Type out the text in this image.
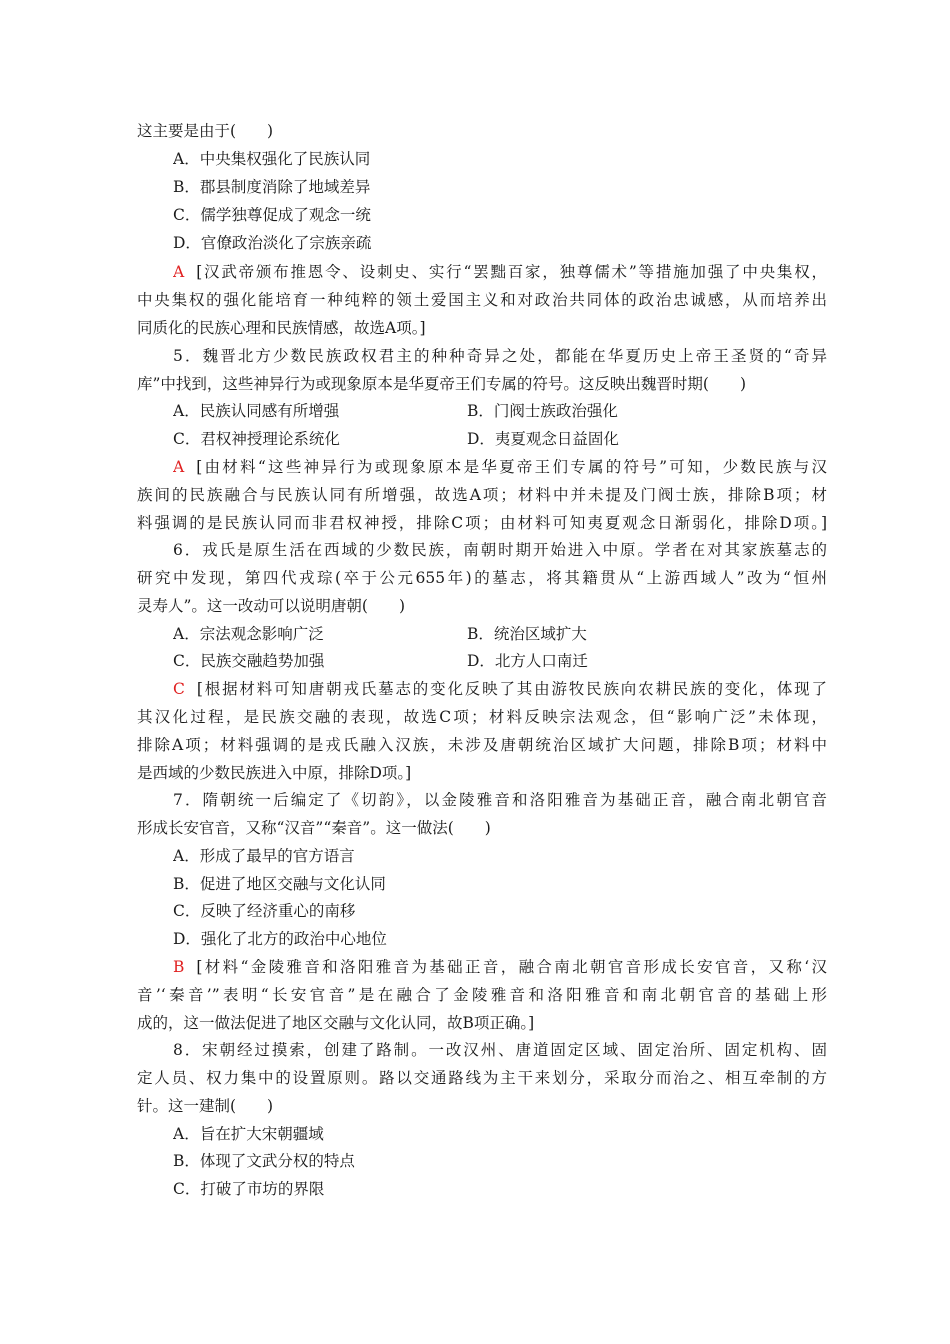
这主要是由于(　　)
A．中央集权强化了民族认同
B．郡县制度消除了地域差异
C．儒学独尊促成了观念一统
D．官僚政治淡化了宗族亲疏
A [汉武帝颁布推恩令、设刺史、实行“罢黜百家，独尊儒术”等措施加强了中央集权，
中央集权的强化能培育一种纯粹的领土爱国主义和对政治共同体的政治忠诚感，从而培养出
同质化的民族心理和民族情感，故选A项。]
5．魏晋北方少数民族政权君主的种种奇异之处，都能在华夏历史上帝王圣贤的“奇异
库”中找到，这些神异行为或现象原本是华夏帝王们专属的符号。这反映出魏晋时期(　　)
A．民族认同感有所增强	B．门阀士族政治强化
C．君权神授理论系统化	D．夷夏观念日益固化
A [由材料“这些神异行为或现象原本是华夏帝王们专属的符号”可知，少数民族与汉
族间的民族融合与民族认同有所增强，故选A项；材料中并未提及门阀士族，排除B项；材
料强调的是民族认同而非君权神授，排除C项；由材料可知夷夏观念日渐弱化，排除D项。]
6．戎氏是原生活在西域的少数民族，南朝时期开始进入中原。学者在对其家族墓志的
研究中发现，第四代戎琮(卒于公元655年)的墓志，将其籍贯从“上游西域人”改为“恒州
灵寿人”。这一改动可以说明唐朝(　　)
A．宗法观念影响广泛	B．统治区域扩大
C．民族交融趋势加强	D．北方人口南迁
C [根据材料可知唐朝戎氏墓志的变化反映了其由游牧民族向农耕民族的变化，体现了
其汉化过程，是民族交融的表现，故选C项；材料反映宗法观念，但“影响广泛”未体现，
排除A项；材料强调的是戎氏融入汉族，未涉及唐朝统治区域扩大问题，排除B项；材料中
是西域的少数民族进入中原，排除D项。]
7．隋朝统一后编定了《切韵》，以金陵雅音和洛阳雅音为基础正音，融合南北朝官音
形成长安官音，又称“汉音”“秦音”。这一做法(　　)
A．形成了最早的官方语言
B．促进了地区交融与文化认同
C．反映了经济重心的南移
D．强化了北方的政治中心地位
B [材料“金陵雅音和洛阳雅音为基础正音，融合南北朝官音形成长安官音，又称‘汉
音’‘秦音’”表明“长安官音”是在融合了金陵雅音和洛阳雅音和南北朝官音的基础上形
成的，这一做法促进了地区交融与文化认同，故B项正确。]
8．宋朝经过摸索，创建了路制。一改汉州、唐道固定区域、固定治所、固定机构、固
定人员、权力集中的设置原则。路以交通路线为主干来划分，采取分而治之、相互牵制的方
针。这一建制(　　)
A．旨在扩大宋朝疆域
B．体现了文武分权的特点
C．打破了市坊的界限
